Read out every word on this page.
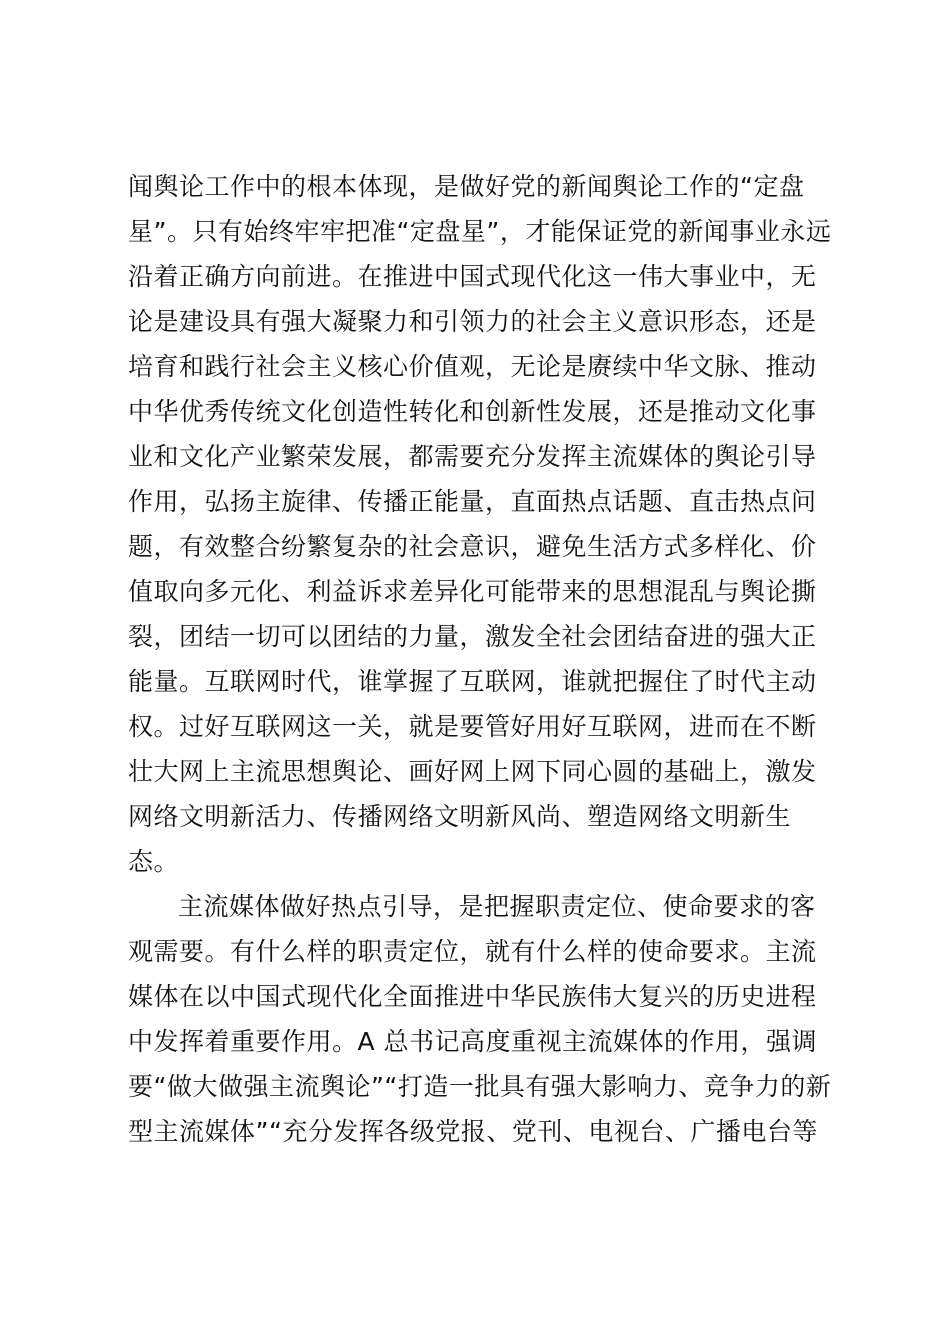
闻舆论工作中的根本体现，是做好党的新闻舆论工作的“定盘
星”。只有始终牢牢把准“定盘星”，才能保证党的新闻事业永远
沿着正确方向前进。在推进中国式现代化这一伟大事业中，无
论是建设具有强大凝聚力和引领力的社会主义意识形态，还是
培育和践行社会主义核心价值观，无论是赓续中华文脉、推动
中华优秀传统文化创造性转化和创新性发展，还是推动文化事
业和文化产业繁荣发展，都需要充分发挥主流媒体的舆论引导
作用，弘扬主旋律、传播正能量，直面热点话题、直击热点问
题，有效整合纷繁复杂的社会意识，避免生活方式多样化、价
值取向多元化、利益诉求差异化可能带来的思想混乱与舆论撕
裂，团结一切可以团结的力量，激发全社会团结奋进的强大正
能量。互联网时代，谁掌握了互联网，谁就把握住了时代主动
权。过好互联网这一关，就是要管好用好互联网，进而在不断
壮大网上主流思想舆论、画好网上网下同心圆的基础上，激发
网络文明新活力、传播网络文明新风尚、塑造网络文明新生
态。
主流媒体做好热点引导，是把握职责定位、使命要求的客
观需要。有什么样的职责定位，就有什么样的使命要求。主流
媒体在以中国式现代化全面推进中华民族伟大复兴的历史进程
中发挥着重要作用。A 总书记高度重视主流媒体的作用，强调
要“做大做强主流舆论”“打造一批具有强大影响力、竞争力的新
型主流媒体”“充分发挥各级党报、党刊、电视台、广播电台等
